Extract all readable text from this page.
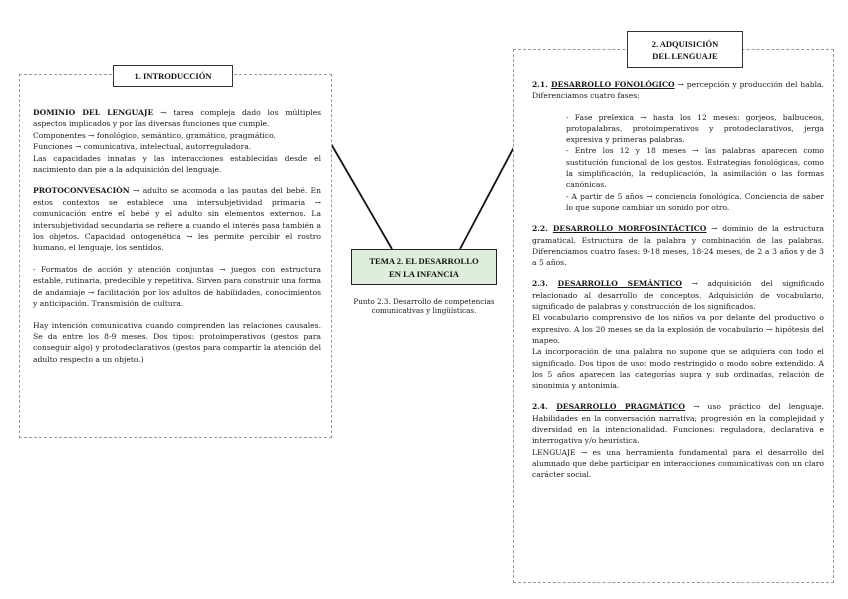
DOMINIO DEL LENGUAJE → tarea compleja dado los múltiples aspectos implicados y por las diversas funciones que cumple.

Componentes → fonológico, semántico, gramático, pragmático.

Funciones → comunicativa, intelectual, autorreguladora.

Las capacidades innatas y las interacciones establecidas desde el nacimiento dan pie a la adquisición del lenguaje.

PROTOCONVESACIÓN → adulto se acomoda a las pautas del bebé. En estos contextos se establece una intersubjetividad primaria → comunicación entre el bebé y el adulto sin elementos externos. La intersubjetividad secundaria se refiere a cuando el interés pasa también a los objetos. Capacidad ontogenética → les permite percibir el rostro humano, el lenguaje, los sentidos.

- Formatos de acción y atención conjuntas → juegos con estructura estable, rutinaria, predecible y repetitiva. Sirven para construir una forma de andamiaje → facilitación por los adultos de habilidades, conocimientos y anticipación. Transmisión de cultura.

Hay intención comunicativa cuando comprenden las relaciones causales. Se da entre los 8-9 meses. Dos tipos: protoimperativos (gestos para conseguir algo) y protodeclarativos (gestos para compartir la atención del adulto respecto a un objeto.)

1. INTRODUCCIÓN

2.1. DESARROLLO FONOLÓGICO → percepción y producción del habla. Diferenciamos cuatro fases:

- Fase prelexica → hasta los 12 meses: gorjeos, balbuceos, protopalabras, protoimperativos y protodeclarativos, jerga expresiva y primeras palabras.

- Entre los 12 y 18 meses → las palabras aparecen como sustitución funcional de los gestos. Estrategias fonológicas, como la simplificación, la reduplicación, la asimilación o las formas canónicas.

- A partir de 5 años → conciencia fonológica. Conciencia de saber lo que supone cambiar un sonido por otro.

2.2. DESARROLLO MORFOSINTÁCTICO → dominio de la estructura gramatical. Estructura de la palabra y combinación de las palabras. Diferenciamos cuatro fases: 9-18 meses, 18-24 meses, de 2 a 3 años y de 3 a 5 años.

2.3. DESARROLLO SEMÁNTICO → adquisición del significado relacionado al desarrollo de conceptos. Adquisición de vocabulario, significado de palabras y construcción de los significados.

El vocabulario comprensivo de los niños va por delante del productivo o expresivo. A los 20 meses se da la explosión de vocabulario → hipótesis del mapeo.

La incorporación de una palabra no supone que se adquiera con todo el significado. Dos tipos de uso: modo restringido o modo sobre extendido. A los 5 años aparecen las categorías supra y sub ordinadas, relación de sinonimia y antonimia.

2.4. DESARROLLO PRAGMÁTICO → uso práctico del lenguaje. Habilidades en la conversación narrativa; progresión en la complejidad y diversidad en la intencionalidad. Funciones: reguladora, declarativa e interrogativa y/o heurística.

LENGUAJE → es una herramienta fundamental para el desarrollo del alumnado que debe participar en interacciones comunicativas con un claro carácter social.

2. ADQUISICIÓN
DEL LENGUAJE
TEMA 2. EL DESARROLLO
EN LA INFANCIA
Punto 2.3. Desarrollo de competencias comunicativas y lingüísticas.
